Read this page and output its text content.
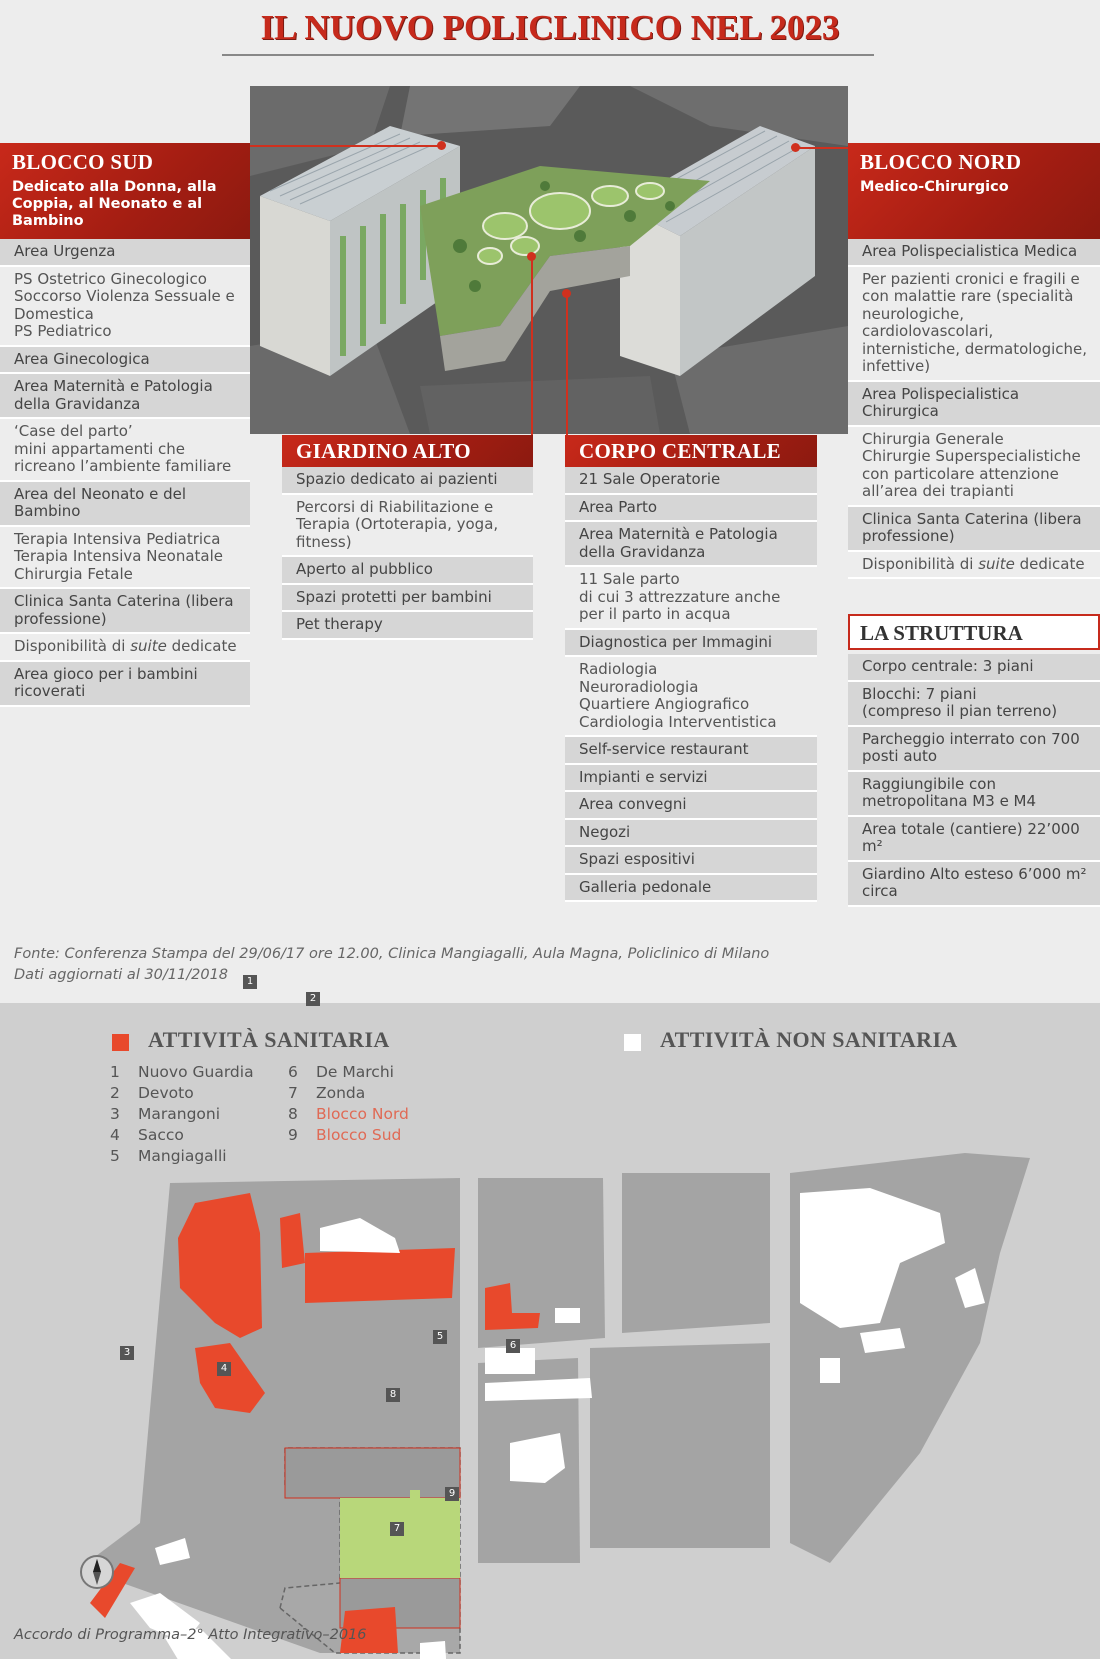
IL NUOVO POLICLINICO NEL 2023
BLOCCO SUD
Dedicato alla Donna, alla Coppia, al Neonato e al Bambino
Area Urgenza
PS Ostetrico Ginecologico
Soccorso Violenza Sessuale e Domestica
PS Pediatrico
Area Ginecologica
Area Maternità e Patologia della Gravidanza
‘Case del parto’
mini appartamenti che ricreano l’ambiente familiare
Area del Neonato e del Bambino
Terapia Intensiva Pediatrica
Terapia Intensiva Neonatale
Chirurgia Fetale
Clinica Santa Caterina (libera professione)
Disponibilità di suite dedicate
Area gioco per i bambini ricoverati
GIARDINO ALTO
Spazio dedicato ai pazienti
Percorsi di Riabilitazione e Terapia (Ortoterapia, yoga, fitness)
Aperto al pubblico
Spazi protetti per bambini
Pet therapy
CORPO CENTRALE
21 Sale Operatorie
Area Parto
Area Maternità e Patologia della Gravidanza
11 Sale parto
di cui 3 attrezzature anche per il parto in acqua
Diagnostica per Immagini
Radiologia
Neuroradiologia
Quartiere Angiografico
Cardiologia Interventistica
Self-service restaurant
Impianti e servizi
Area convegni
Negozi
Spazi espositivi
Galleria pedonale
BLOCCO NORD
Medico-Chirurgico
Area Polispecialistica Medica
Per pazienti cronici e fragili e con malattie rare (specialità neurologiche, cardiolovascolari, internistiche, dermatologiche, infettive)
Area Polispecialistica Chirurgica
Chirurgia Generale
Chirurgie Superspecialistiche con particolare attenzione all’area dei trapianti
Clinica Santa Caterina (libera professione)
Disponibilità di suite dedicate
LA STRUTTURA
Corpo centrale: 3 piani
Blocchi: 7 piani
(compreso il pian terreno)
Parcheggio interrato con 700 posti auto
Raggiungibile con metropolitana M3 e M4
Area totale (cantiere) 22’000 m²
Giardino Alto esteso 6’000 m² circa
Fonte: Conferenza Stampa del 29/06/17 ore 12.00, Clinica Mangiagalli, Aula Magna, Policlinico di Milano
Dati aggiornati al 30/11/2018
ATTIVITÀ SANITARIA	ATTIVITÀ NON SANITARIA
1 Nuovo Guardia
2 Devoto
3 Marangoni
4 Sacco
5 Mangiagalli
6 De Marchi
7 Zonda
8 Blocco Nord
9 Blocco Sud
1
2
3
4
5
6
7
8
9
Accordo di Programma–2° Atto Integrativo–2016
